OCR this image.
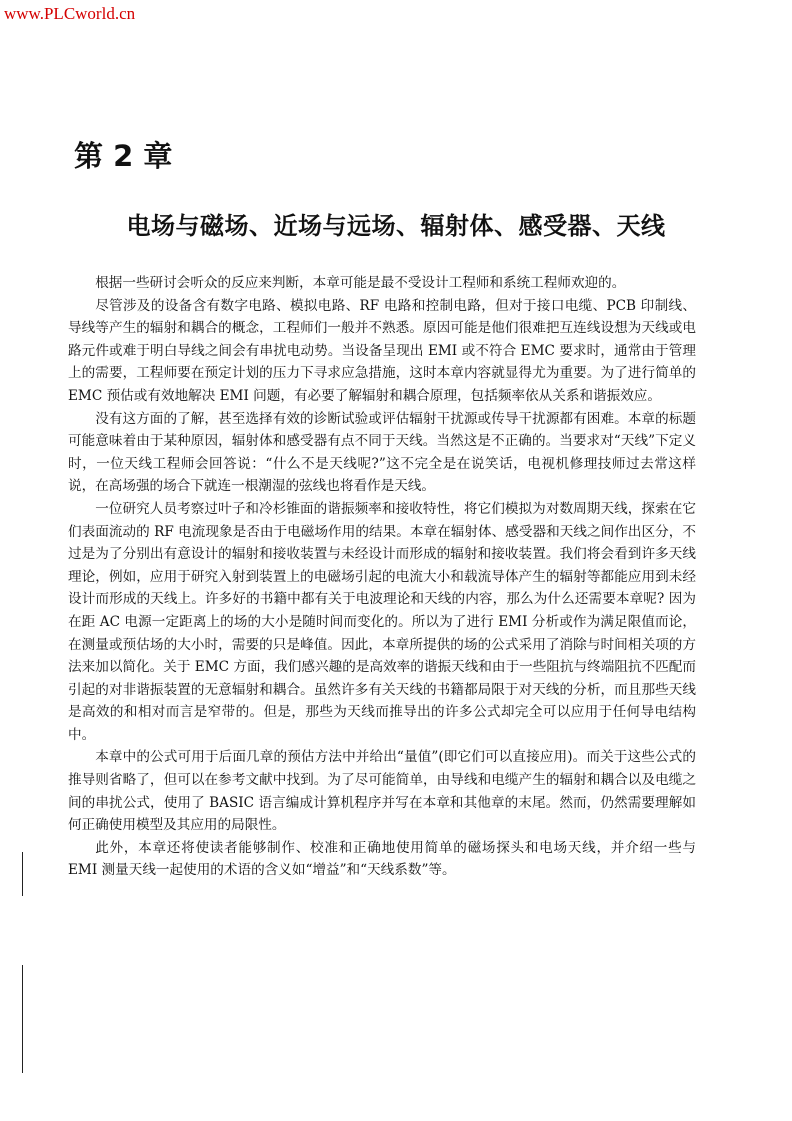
www.PLCworld.cn
第 2 章
电场与磁场、近场与远场、辐射体、感受器、天线

根据一些研讨会听众的反应来判断，本章可能是最不受设计工程师和系统工程师欢迎的。

尽管涉及的设备含有数字电路、模拟电路、RF 电路和控制电路，但对于接口电缆、PCB 印制线、导线等产生的辐射和耦合的概念，工程师们一般并不熟悉。原因可能是他们很难把互连线设想为天线或电路元件或难于明白导线之间会有串扰电动势。当设备呈现出 EMI 或不符合 EMC 要求时，通常由于管理上的需要，工程师要在预定计划的压力下寻求应急措施，这时本章内容就显得尤为重要。为了进行简单的 EMC 预估或有效地解决 EMI 问题，有必要了解辐射和耦合原理，包括频率依从关系和谐振效应。

没有这方面的了解，甚至选择有效的诊断试验或评估辐射干扰源或传导干扰源都有困难。本章的标题可能意味着由于某种原因，辐射体和感受器有点不同于天线。当然这是不正确的。当要求对“天线”下定义时，一位天线工程师会回答说：“什么不是天线呢?”这不完全是在说笑话，电视机修理技师过去常这样说，在高场强的场合下就连一根潮湿的弦线也将看作是天线。

一位研究人员考察过叶子和冷杉锥面的谐振频率和接收特性，将它们模拟为对数周期天线，探索在它们表面流动的 RF 电流现象是否由于电磁场作用的结果。本章在辐射体、感受器和天线之间作出区分，不过是为了分别出有意设计的辐射和接收装置与未经设计而形成的辐射和接收装置。我们将会看到许多天线理论，例如，应用于研究入射到装置上的电磁场引起的电流大小和载流导体产生的辐射等都能应用到未经设计而形成的天线上。许多好的书籍中都有关于电波理论和天线的内容，那么为什么还需要本章呢? 因为在距 AC 电源一定距离上的场的大小是随时间而变化的。所以为了进行 EMI 分析或作为满足限值而论，在测量或预估场的大小时，需要的只是峰值。因此，本章所提供的场的公式采用了消除与时间相关项的方法来加以简化。关于 EMC 方面，我们感兴趣的是高效率的谐振天线和由于一些阻抗与终端阻抗不匹配而引起的对非谐振装置的无意辐射和耦合。虽然许多有关天线的书籍都局限于对天线的分析，而且那些天线是高效的和相对而言是窄带的。但是，那些为天线而推导出的许多公式却完全可以应用于任何导电结构中。

本章中的公式可用于后面几章的预估方法中并给出“量值”(即它们可以直接应用)。而关于这些公式的推导则省略了，但可以在参考文献中找到。为了尽可能简单，由导线和电缆产生的辐射和耦合以及电缆之间的串扰公式，使用了 BASIC 语言编成计算机程序并写在本章和其他章的末尾。然而，仍然需要理解如何正确使用模型及其应用的局限性。

此外，本章还将使读者能够制作、校准和正确地使用简单的磁场探头和电场天线，并介绍一些与 EMI 测量天线一起使用的术语的含义如“增益”和“天线系数”等。
